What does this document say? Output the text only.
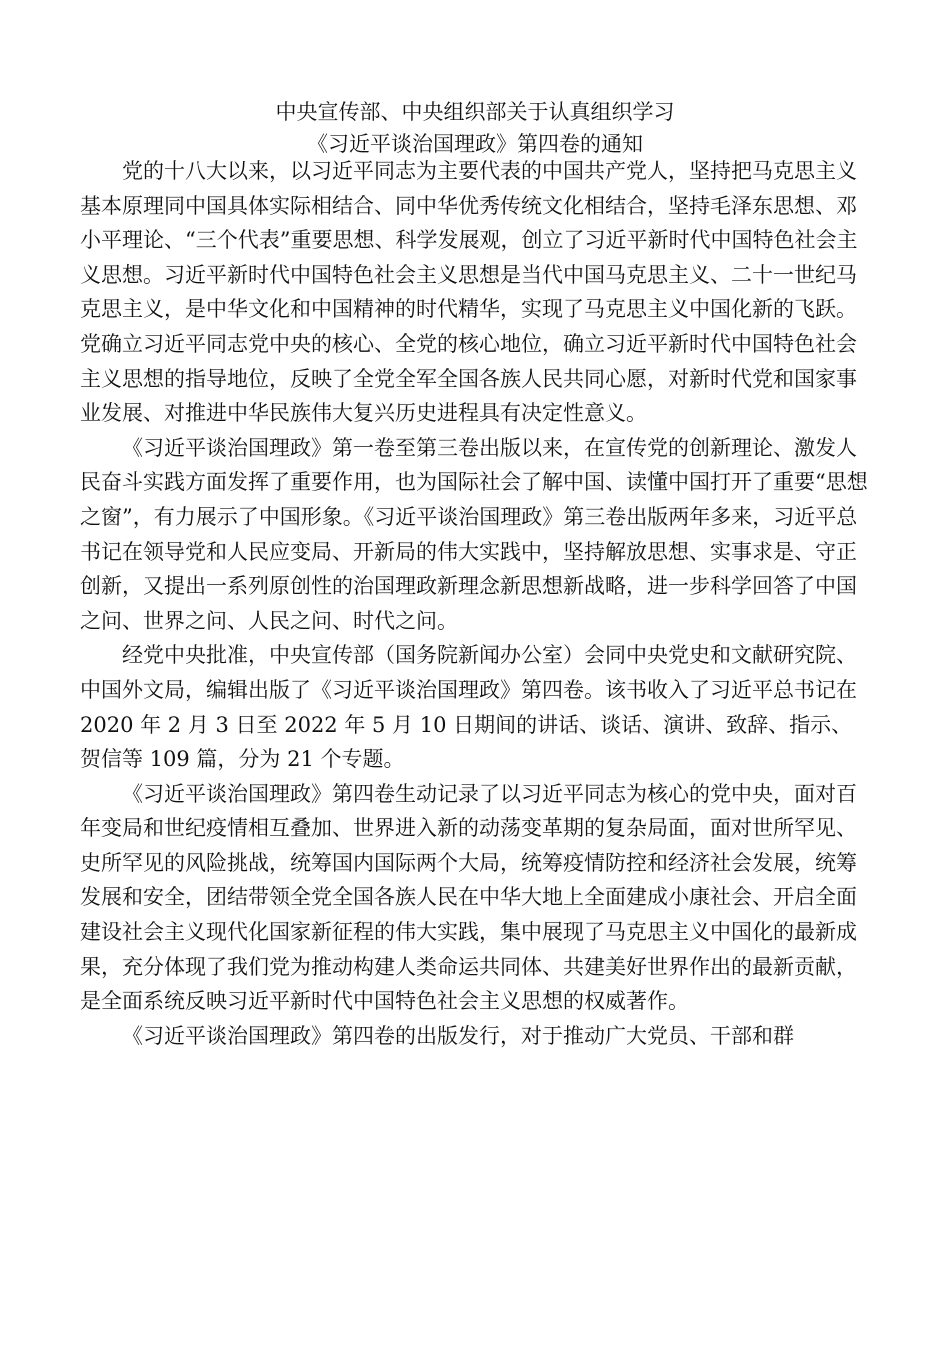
中央宣传部、中央组织部关于认真组织学习
《习近平谈治国理政》第四卷的通知

党的十八大以来，以习近平同志为主要代表的中国共产党人，坚持把马克思主义基本原理同中国具体实际相结合、同中华优秀传统文化相结合，坚持毛泽东思想、邓小平理论、“三个代表”重要思想、科学发展观，创立了习近平新时代中国特色社会主义思想。习近平新时代中国特色社会主义思想是当代中国马克思主义、二十一世纪马克思主义，是中华文化和中国精神的时代精华，实现了马克思主义中国化新的飞跃。党确立习近平同志党中央的核心、全党的核心地位，确立习近平新时代中国特色社会主义思想的指导地位，反映了全党全军全国各族人民共同心愿，对新时代党和国家事业发展、对推进中华民族伟大复兴历史进程具有决定性意义。

《习近平谈治国理政》第一卷至第三卷出版以来，在宣传党的创新理论、激发人民奋斗实践方面发挥了重要作用，也为国际社会了解中国、读懂中国打开了重要“思想之窗”，有力展示了中国形象。《习近平谈治国理政》第三卷出版两年多来，习近平总书记在领导党和人民应变局、开新局的伟大实践中，坚持解放思想、实事求是、守正创新，又提出一系列原创性的治国理政新理念新思想新战略，进一步科学回答了中国之问、世界之问、人民之问、时代之问。

经党中央批准，中央宣传部（国务院新闻办公室）会同中央党史和文献研究院、中国外文局，编辑出版了《习近平谈治国理政》第四卷。该书收入了习近平总书记在 2020 年 2 月 3 日至 2022 年 5 月 10 日期间的讲话、谈话、演讲、致辞、指示、贺信等 109 篇，分为 21 个专题。

《习近平谈治国理政》第四卷生动记录了以习近平同志为核心的党中央，面对百年变局和世纪疫情相互叠加、世界进入新的动荡变革期的复杂局面，面对世所罕见、史所罕见的风险挑战，统筹国内国际两个大局，统筹疫情防控和经济社会发展，统筹发展和安全，团结带领全党全国各族人民在中华大地上全面建成小康社会、开启全面建设社会主义现代化国家新征程的伟大实践，集中展现了马克思主义中国化的最新成果，充分体现了我们党为推动构建人类命运共同体、共建美好世界作出的最新贡献，是全面系统反映习近平新时代中国特色社会主义思想的权威著作。

《习近平谈治国理政》第四卷的出版发行，对于推动广大党员、干部和群
